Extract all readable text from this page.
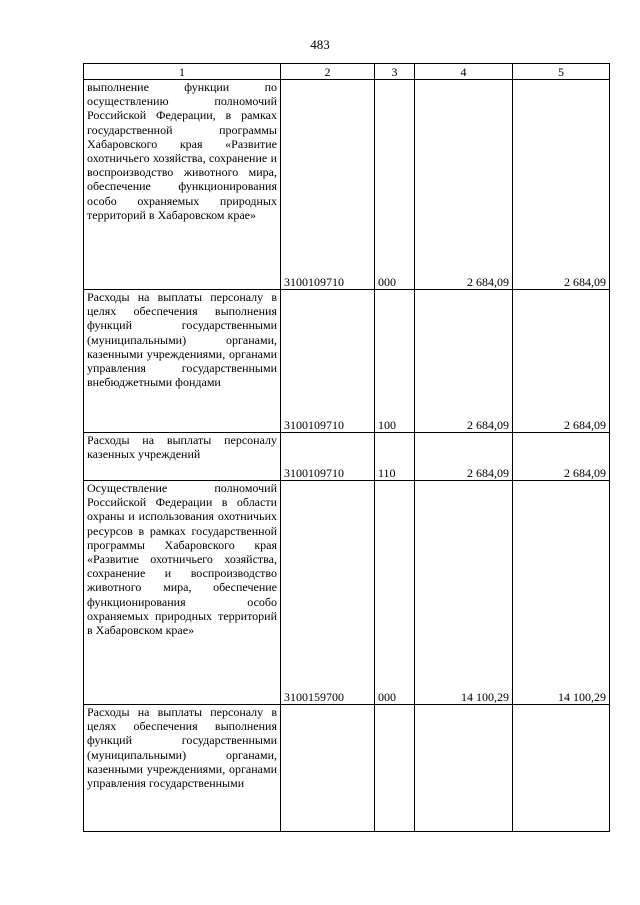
483
1	2	3	4	5
выполнение функции по осуществлению полномочий Российской Федерации, в рамках государственной программы Хабаровского края «Развитие охотничьего хозяйства, сохранение и воспроизводство животного мира, обеспечение функционирования особо охраняемых природных территорий в Хабаровском крае»	3100109710	000	2 684,09	2 684,09
Расходы на выплаты персоналу в целях обеспечения выполнения функций государственными (муниципальными) органами, казенными учреждениями, органами управления государственными внебюджетными фондами	3100109710	100	2 684,09	2 684,09
Расходы на выплаты персоналу казенных учреждений	3100109710	110	2 684,09	2 684,09
Осуществление полномочий Российской Федерации в области охраны и использования охотничьих ресурсов в рамках государственной программы Хабаровского края «Развитие охотничьего хозяйства, сохранение и воспроизводство животного мира, обеспечение функционирования особо охраняемых природных территорий в Хабаровском крае»	3100159700	000	14 100,29	14 100,29
Расходы на выплаты персоналу в целях обеспечения выполнения функций государственными (муниципальными) органами, казенными учреждениями, органами управления государственными				
